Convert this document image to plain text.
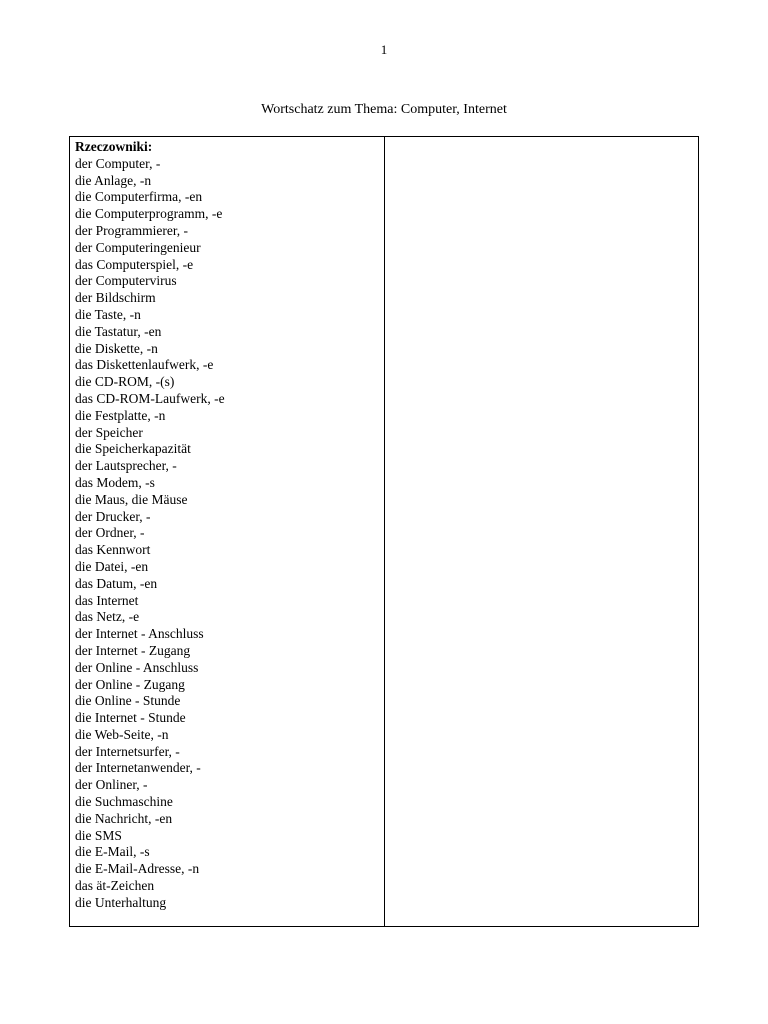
1
Wortschatz zum Thema: Computer, Internet
Rzeczowniki:
der Computer, -
die Anlage, -n
die Computerfirma, -en
die Computerprogramm, -e
der Programmierer, -
der Computeringenieur
das Computerspiel, -e
der Computervirus
der Bildschirm
die Taste, -n
die Tastatur, -en
die Diskette, -n
das Diskettenlaufwerk, -e
die CD-ROM, -(s)
das CD-ROM-Laufwerk, -e
die Festplatte, -n
der Speicher
die Speicherkapazität
der Lautsprecher, -
das Modem, -s
die Maus, die Mäuse
der Drucker, -
der Ordner, -
das Kennwort
die Datei, -en
das Datum, -en
das Internet
das Netz, -e
der Internet - Anschluss
der Internet - Zugang
der Online - Anschluss
der Online - Zugang
die Online - Stunde
die Internet - Stunde
die Web-Seite, -n
der Internetsurfer, -
der Internetanwender, -
der Onliner, -
die Suchmaschine
die Nachricht, -en
die SMS
die E-Mail, -s
die E-Mail-Adresse, -n
das ät-Zeichen
die Unterhaltung
